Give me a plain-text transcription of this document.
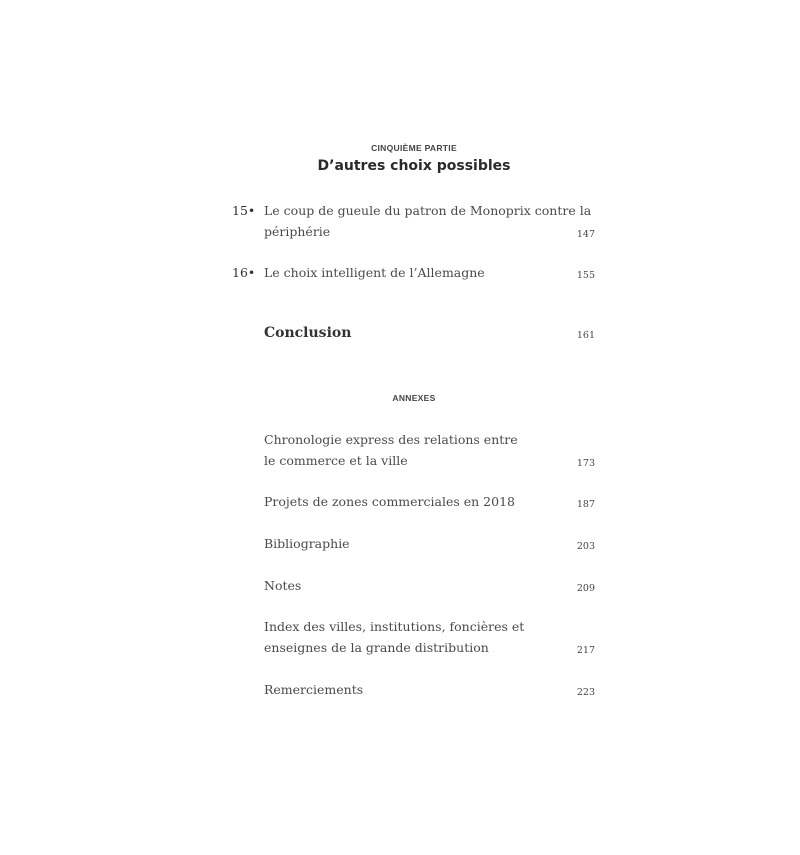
CINQUIÈME PARTIE
D’autres choix possibles
15• Le coup de gueule du patron de Monoprix contre la
périphérie	147
16• Le choix intelligent de l’Allemagne	155
Conclusion	161
ANNEXES
Chronologie express des relations entre
le commerce et la ville	173
Projets de zones commerciales en 2018	187
Bibliographie	203
Notes	209
Index des villes, institutions, foncières et
enseignes de la grande distribution	217
Remerciements	223
